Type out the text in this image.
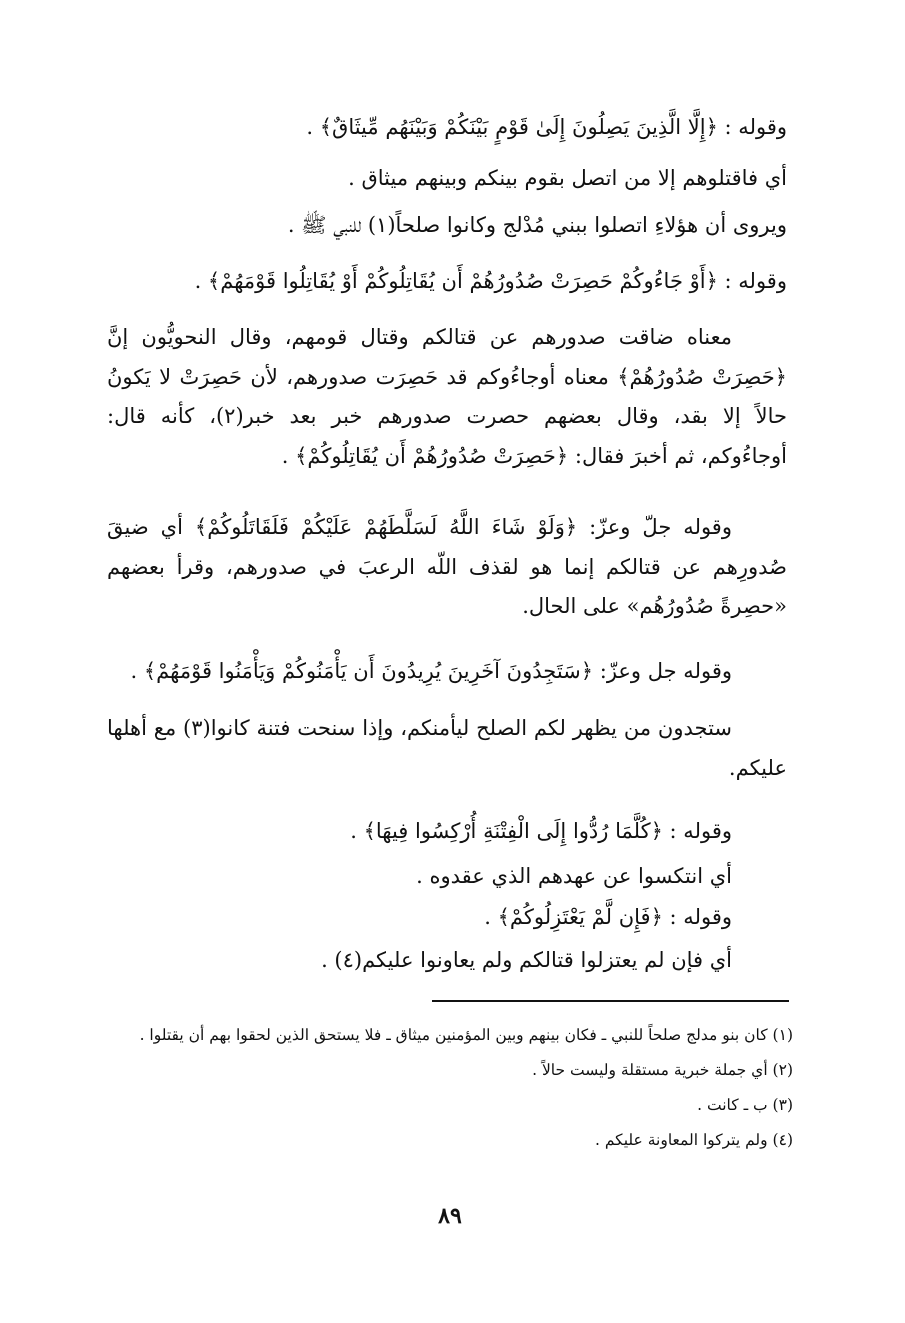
وقوله : ﴿إِلَّا الَّذِينَ يَصِلُونَ إِلَىٰ قَوْمٍ بَيْنَكُمْ وَبَيْنَهُم مِّيثَاقٌ﴾ .
أي فاقتلوهم إلا من اتصل بقوم بينكم وبينهم ميثاق .
ويروى أن هؤلاءِ اتصلوا ببني مُدْلج وكانوا صلحاً(١) للنبي ﷺ .
وقوله : ﴿أَوْ جَاءُوكُمْ حَصِرَتْ صُدُورُهُمْ أَن يُقَاتِلُوكُمْ أَوْ يُقَاتِلُوا قَوْمَهُمْ﴾ .
معناه ضاقت صدورهم عن قتالكم وقتال قومهم، وقال النحويُّون إنَّ ﴿حَصِرَتْ صُدُورُهُمْ﴾ معناه أوجاءُوكم قد حَصِرَت صدورهم، لأن حَصِرَتْ لا يَكونُ حالاً إلا بقد، وقال بعضهم حصرت صدورهم خبر بعد خبر(٢)، كأنه قال: أوجاءُوكم، ثم أخبرَ فقال: ﴿حَصِرَتْ صُدُورُهُمْ أَن يُقَاتِلُوكُمْ﴾ .
وقوله جلّ وعزّ: ﴿وَلَوْ شَاءَ اللَّهُ لَسَلَّطَهُمْ عَلَيْكُمْ فَلَقَاتَلُوكُمْ﴾ أي ضيقَ صُدورِهم عن قتالكم إنما هو لقذف اللّه الرعبَ في صدورهم، وقرأ بعضهم «حصِرةً صُدُورُهُم» على الحال.
وقوله جل وعزّ: ﴿سَتَجِدُونَ آخَرِينَ يُرِيدُونَ أَن يَأْمَنُوكُمْ وَيَأْمَنُوا قَوْمَهُمْ﴾ .
ستجدون من يظهر لكم الصلح ليأمنكم، وإذا سنحت فتنة كانوا(٣) مع أهلها عليكم.
وقوله : ﴿كُلَّمَا رُدُّوا إِلَى الْفِتْنَةِ أُرْكِسُوا فِيهَا﴾ .
أي انتكسوا عن عهدهم الذي عقدوه .
وقوله : ﴿فَإِن لَّمْ يَعْتَزِلُوكُمْ﴾ .
أي فإن لم يعتزلوا قتالكم ولم يعاونوا عليكم(٤) .
(١) كان بنو مدلج صلحاً للنبي ـ فكان بينهم وبين المؤمنين ميثاق ـ فلا يستحق الذين لحقوا بهم أن يقتلوا .
(٢) أي جملة خبرية مستقلة وليست حالاً .
(٣) ب ـ كانت .
(٤) ولم يتركوا المعاونة عليكم .
٨٩
